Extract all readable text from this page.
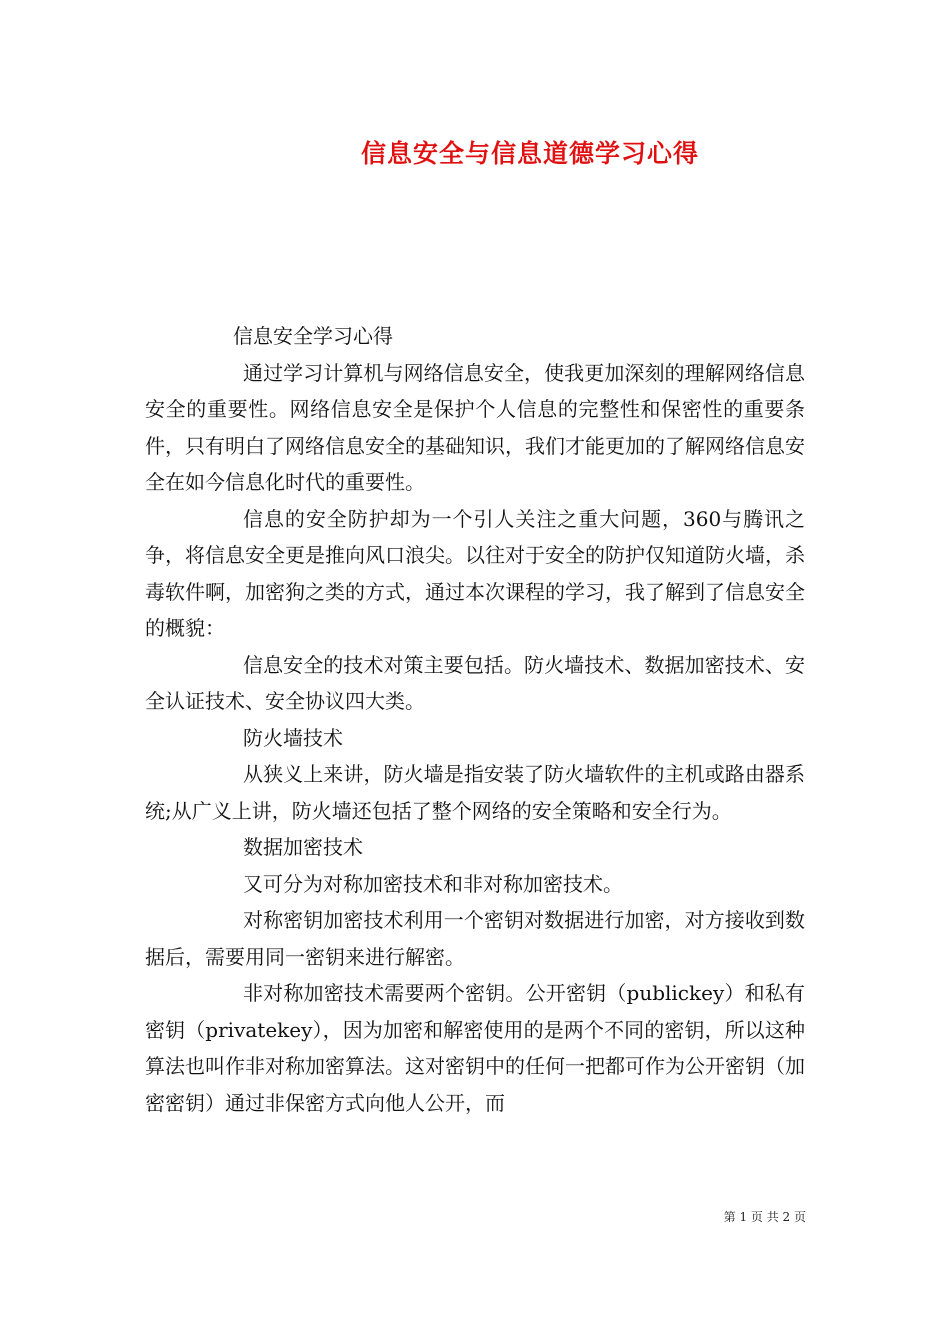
信息安全与信息道德学习心得

信息安全学习心得

通过学习计算机与网络信息安全，使我更加深刻的理解网络信息安全的重要性。网络信息安全是保护个人信息的完整性和保密性的重要条件，只有明白了网络信息安全的基础知识，我们才能更加的了解网络信息安全在如今信息化时代的重要性。

信息的安全防护却为一个引人关注之重大问题，360与腾讯之争，将信息安全更是推向风口浪尖。以往对于安全的防护仅知道防火墙，杀毒软件啊，加密狗之类的方式，通过本次课程的学习，我了解到了信息安全的概貌：

信息安全的技术对策主要包括。防火墙技术、数据加密技术、安全认证技术、安全协议四大类。

防火墙技术

从狭义上来讲，防火墙是指安装了防火墙软件的主机或路由器系统;从广义上讲，防火墙还包括了整个网络的安全策略和安全行为。

数据加密技术

又可分为对称加密技术和非对称加密技术。

对称密钥加密技术利用一个密钥对数据进行加密，对方接收到数据后，需要用同一密钥来进行解密。

非对称加密技术需要两个密钥。公开密钥（publickey）和私有密钥（privatekey），因为加密和解密使用的是两个不同的密钥，所以这种算法也叫作非对称加密算法。这对密钥中的任何一把都可作为公开密钥（加密密钥）通过非保密方式向他人公开，而

第 1 页 共 2 页
